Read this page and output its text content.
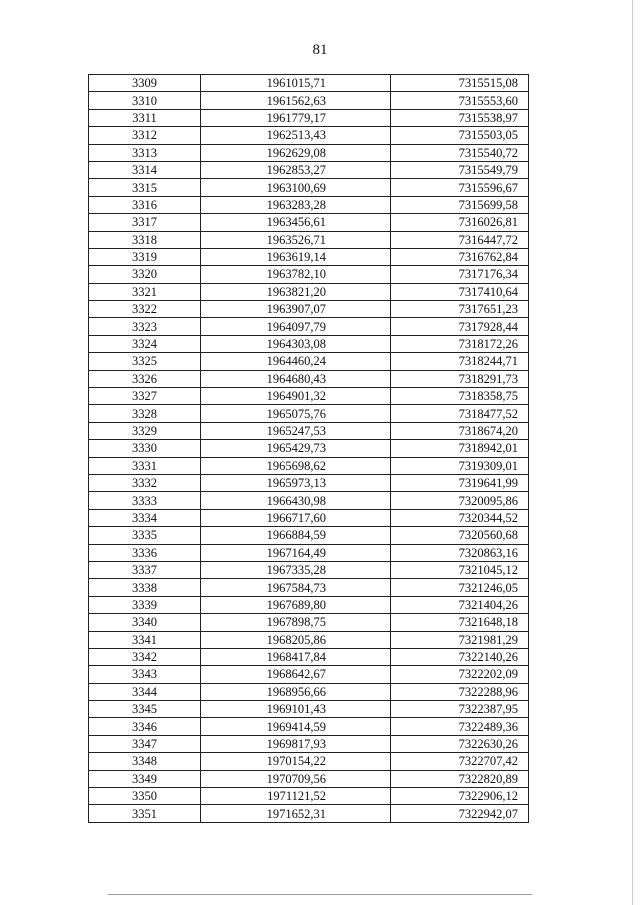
81
3309	1961015,71	7315515,08
3310	1961562,63	7315553,60
3311	1961779,17	7315538,97
3312	1962513,43	7315503,05
3313	1962629,08	7315540,72
3314	1962853,27	7315549,79
3315	1963100,69	7315596,67
3316	1963283,28	7315699,58
3317	1963456,61	7316026,81
3318	1963526,71	7316447,72
3319	1963619,14	7316762,84
3320	1963782,10	7317176,34
3321	1963821,20	7317410,64
3322	1963907,07	7317651,23
3323	1964097,79	7317928,44
3324	1964303,08	7318172,26
3325	1964460,24	7318244,71
3326	1964680,43	7318291,73
3327	1964901,32	7318358,75
3328	1965075,76	7318477,52
3329	1965247,53	7318674,20
3330	1965429,73	7318942,01
3331	1965698,62	7319309,01
3332	1965973,13	7319641,99
3333	1966430,98	7320095,86
3334	1966717,60	7320344,52
3335	1966884,59	7320560,68
3336	1967164,49	7320863,16
3337	1967335,28	7321045,12
3338	1967584,73	7321246,05
3339	1967689,80	7321404,26
3340	1967898,75	7321648,18
3341	1968205,86	7321981,29
3342	1968417,84	7322140,26
3343	1968642,67	7322202,09
3344	1968956,66	7322288,96
3345	1969101,43	7322387,95
3346	1969414,59	7322489,36
3347	1969817,93	7322630,26
3348	1970154,22	7322707,42
3349	1970709,56	7322820,89
3350	1971121,52	7322906,12
3351	1971652,31	7322942,07
